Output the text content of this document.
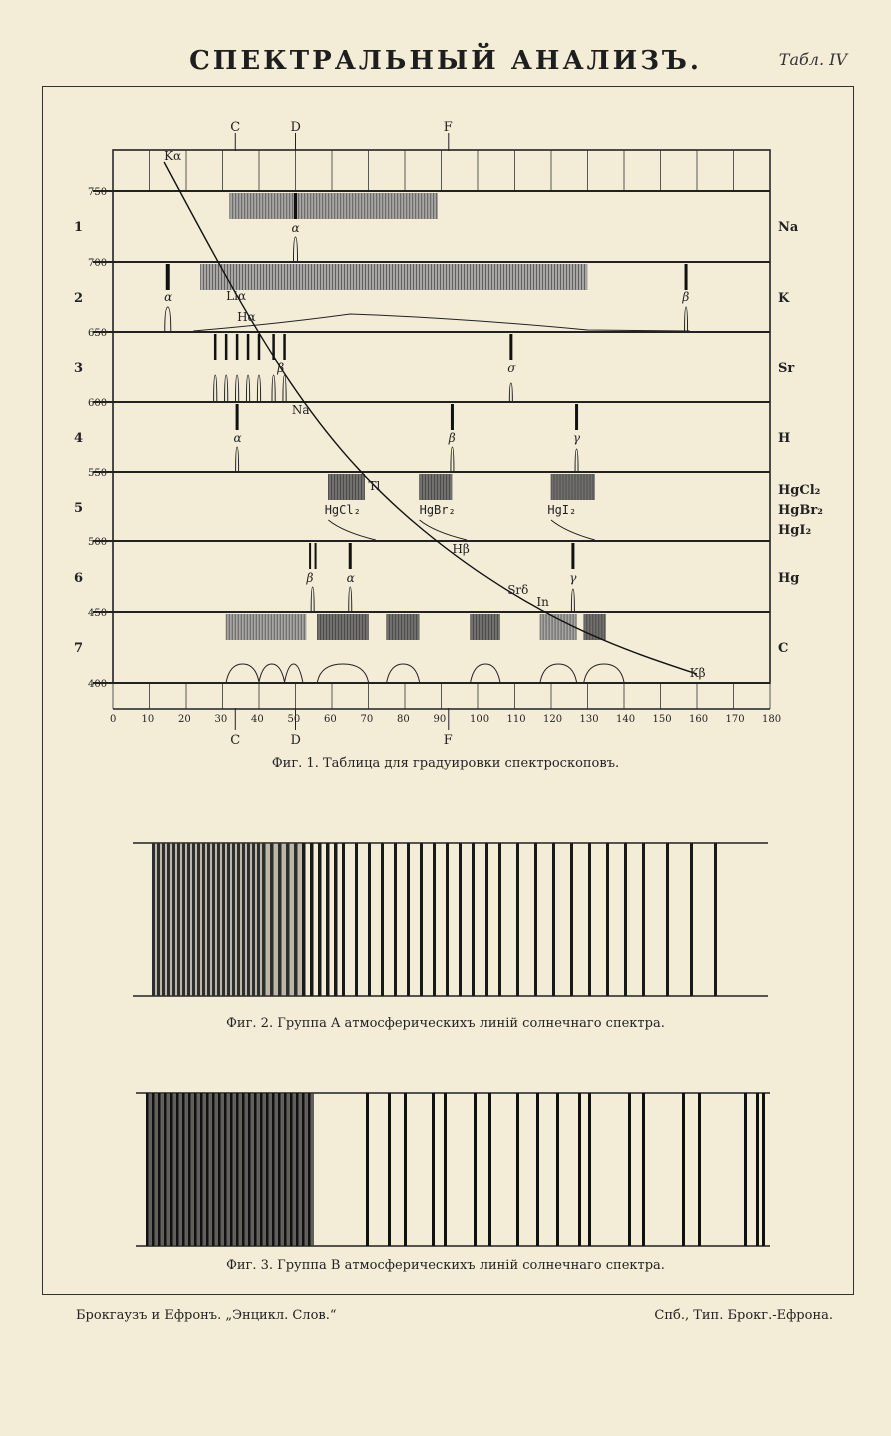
СПЕКТРАЛЬНЫЙ АНАЛИЗЪ.	Табл. IV
750
700
650
600
550
500
450
400
0	10 20 30 40 50 60 70 80 90 100 110 120 130 140 150 160 170 180
C
C
D
D
F
F
1	Na
2	K
3	Sr
4	H
5
HgCl₂
HgBr₂
HgI₂
6	Hg
7	C
α
α	β
β	σ
α	β	γ
HgCl₂	HgBr₂	HgI₂
β	α	γ
Kα
Liα
Hα
Na
Tl
Hβ
Srδ
In
Kβ
Фиг. 1. Таблица для градуировки спектроскоповъ.
Фиг. 2. Группа A атмосферическихъ линій солнечнаго спектра.
Фиг. 3. Группа B атмосферическихъ линій солнечнаго спектра.
Брокгаузъ и Ефронъ. „Энцикл. Слов.“	Спб., Тип. Брокг.-Ефрона.
